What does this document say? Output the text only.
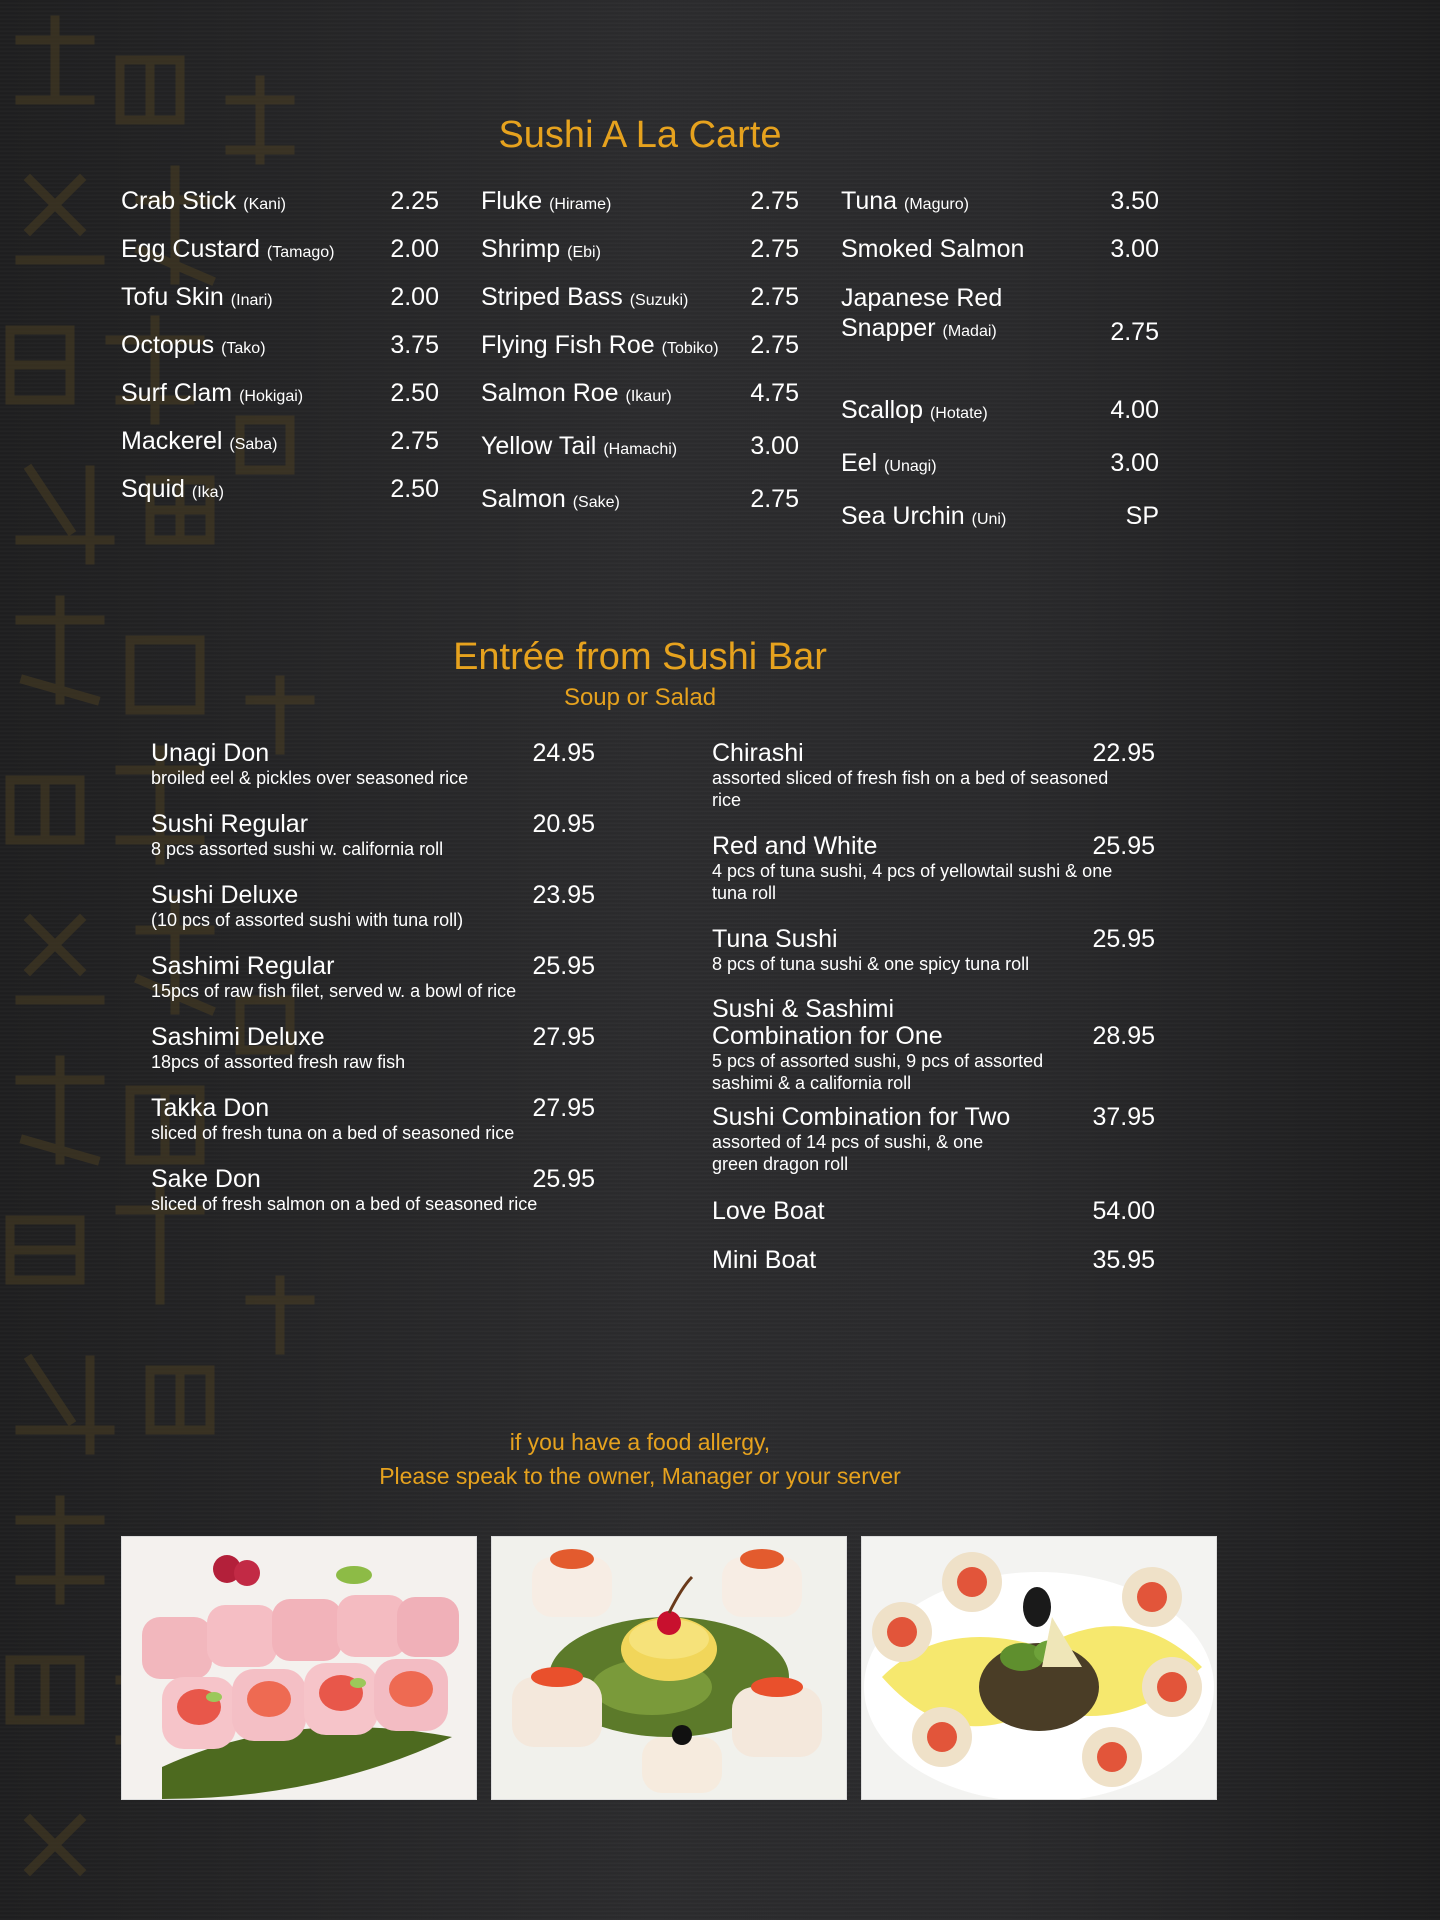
Sushi A La Carte
Crab Stick (Kani)	2.25
Egg Custard (Tamago) 2.00
Tofu Skin (Inari)	2.00
Octopus (Tako)	3.75
Surf Clam (Hokigai)	2.50
Mackerel (Saba)	2.75
Squid (Ika)	2.50
Fluke (Hirame)	2.75
Shrimp (Ebi)	2.75
Striped Bass (Suzuki) 2.75
Flying Fish Roe (Tobiko) 2.75
Salmon Roe (Ikaur)	4.75
Yellow Tail (Hamachi)	3.00
Salmon (Sake)	2.75
Tuna (Maguro)	3.50
Smoked Salmon	3.00
Japanese Red
Snapper (Madai)	2.75
Scallop (Hotate)	4.00
Eel (Unagi)	3.00
Sea Urchin (Uni)	SP
Entrée from Sushi Bar
Soup or Salad
Unagi Don	24.95
broiled eel & pickles over seasoned rice
Sushi Regular	20.95
8 pcs assorted sushi w. california roll
Sushi Deluxe	23.95
(10 pcs of assorted sushi with tuna roll)
Sashimi Regular	25.95
15pcs of raw fish filet, served w. a bowl of rice
Sashimi Deluxe	27.95
18pcs of assorted fresh raw fish
Takka Don	27.95
sliced of fresh tuna on a bed of seasoned rice
Sake Don	25.95
sliced of fresh salmon on a bed of seasoned rice
Chirashi	22.95
assorted sliced of fresh fish on a bed of seasoned
rice
Red and White	25.95
4 pcs of tuna sushi, 4 pcs of yellowtail sushi & one
tuna roll
Tuna Sushi	25.95
8 pcs of tuna sushi & one spicy tuna roll
Sushi & Sashimi
Combination for One	28.95
5 pcs of assorted sushi, 9 pcs of assorted
sashimi & a california roll
Sushi Combination for Two	37.95
assorted of 14 pcs of sushi, & one
green dragon roll
Love Boat	54.00
Mini Boat	35.95
if you have a food allergy,
Please speak to the owner, Manager or your server
